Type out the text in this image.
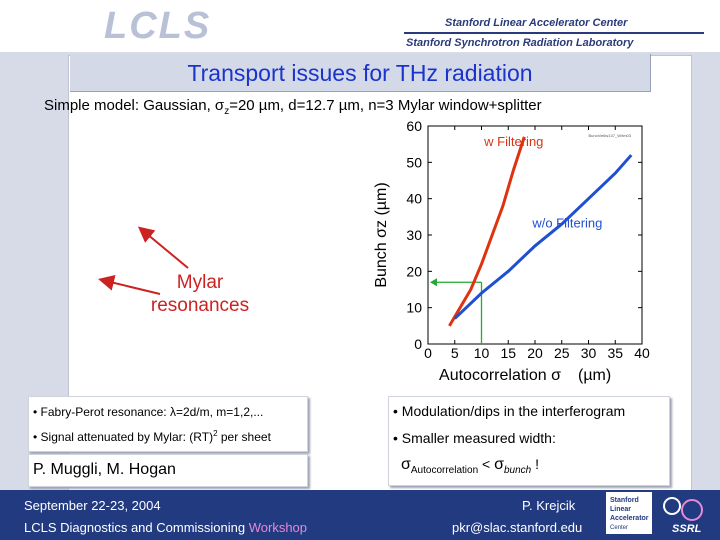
LCLS	Stanford Linear Accelerator Center
Stanford Synchrotron Radiation Laboratory
Transport issues for THz radiation
Simple model: Gaussian, $\sigma_z=20$ µm, d=12.7 µm, n=3 Mylar window+splitter
0 5 10 15 20 25 30 35 40
0
10
20
30
40
50
60
w Filtering
w/o Filtering
Bunch/e6w137_W/tm03
Autocorrelation σ (µm)
Bunch σz (µm)
Mylar
resonances
• Fabry-Perot resonance: λ=2d/m, m=1,2,...
• Signal attenuated by Mylar: (RT)$^2$ per sheet
P. Muggli, M. Hogan
• Modulation/dips in the interferogram
• Smaller measured width:
$\sigma_{Autocorrelation} < \sigma_{bunch}$ !
September 22-23, 2004
LCLS Diagnostics and Commissioning Workshop
P. Krejcik
pkr@slac.stanford.edu
Stanford
Linear
Accelerator
Center	SSRL
